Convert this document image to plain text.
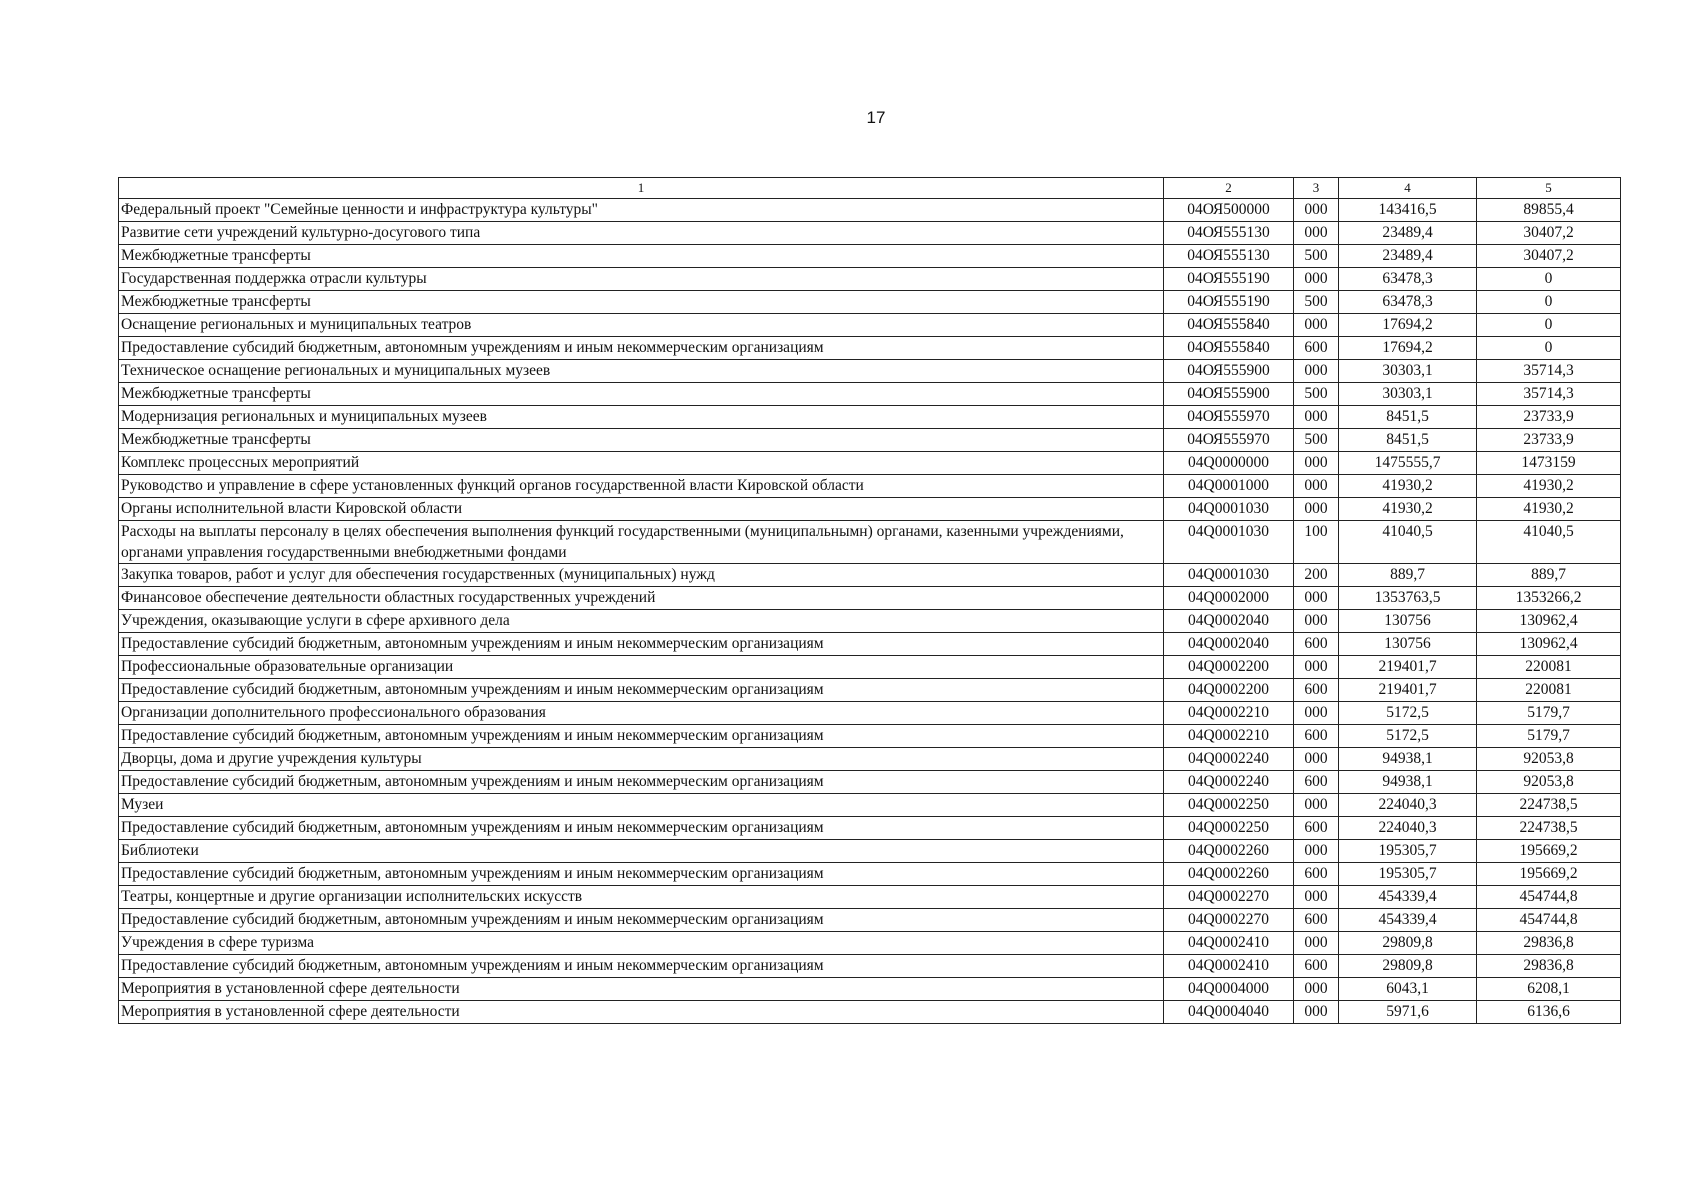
17
1	2	3	4	5
Федеральный проект "Семейные ценности и инфраструктура культуры"	04ОЯ500000	000	143416,5	89855,4
Развитие сети учреждений культурно-досугового типа	04ОЯ555130	000	23489,4	30407,2
Межбюджетные трансферты	04ОЯ555130	500	23489,4	30407,2
Государственная поддержка отрасли культуры	04ОЯ555190	000	63478,3	0
Межбюджетные трансферты	04ОЯ555190	500	63478,3	0
Оснащение региональных и муниципальных театров	04ОЯ555840	000	17694,2	0
Предоставление субсидий бюджетным, автономным учреждениям и иным некоммерческим организациям	04ОЯ555840	600	17694,2	0
Техническое оснащение региональных и муниципальных музеев	04ОЯ555900	000	30303,1	35714,3
Межбюджетные трансферты	04ОЯ555900	500	30303,1	35714,3
Модернизация региональных и муниципальных музеев	04ОЯ555970	000	8451,5	23733,9
Межбюджетные трансферты	04ОЯ555970	500	8451,5	23733,9
Комплекс процессных мероприятий	04Q0000000	000	1475555,7	1473159
Руководство и управление в сфере установленных функций органов государственной власти Кировской области	04Q0001000	000	41930,2	41930,2
Органы исполнительной власти Кировской области	04Q0001030	000	41930,2	41930,2
Расходы на выплаты персоналу в целях обеспечения выполнения функций государственными (муниципальнымн) органами, казенными учреждениями, органами управления государственными внебюджетными фондами	04Q0001030	100	41040,5	41040,5
Закупка товаров, работ и услуг для обеспечения государственных (муниципальных) нужд	04Q0001030	200	889,7	889,7
Финансовое обеспечение деятельности областных государственных учреждений	04Q0002000	000	1353763,5	1353266,2
Учреждения, оказывающие услуги в сфере архивного дела	04Q0002040	000	130756	130962,4
Предоставление субсидий бюджетным, автономным учреждениям и иным некоммерческим организациям	04Q0002040	600	130756	130962,4
Профессиональные образовательные организации	04Q0002200	000	219401,7	220081
Предоставление субсидий бюджетным, автономным учреждениям и иным некоммерческим организациям	04Q0002200	600	219401,7	220081
Организации дополнительного профессионального образования	04Q0002210	000	5172,5	5179,7
Предоставление субсидий бюджетным, автономным учреждениям и иным некоммерческим организациям	04Q0002210	600	5172,5	5179,7
Дворцы, дома и другие учреждения культуры	04Q0002240	000	94938,1	92053,8
Предоставление субсидий бюджетным, автономным учреждениям и иным некоммерческим организациям	04Q0002240	600	94938,1	92053,8
Музеи	04Q0002250	000	224040,3	224738,5
Предоставление субсидий бюджетным, автономным учреждениям и иным некоммерческим организациям	04Q0002250	600	224040,3	224738,5
Библиотеки	04Q0002260	000	195305,7	195669,2
Предоставление субсидий бюджетным, автономным учреждениям и иным некоммерческим организациям	04Q0002260	600	195305,7	195669,2
Театры, концертные и другие организации исполнительских искусств	04Q0002270	000	454339,4	454744,8
Предоставление субсидий бюджетным, автономным учреждениям и иным некоммерческим организациям	04Q0002270	600	454339,4	454744,8
Учреждения в сфере туризма	04Q0002410	000	29809,8	29836,8
Предоставление субсидий бюджетным, автономным учреждениям и иным некоммерческим организациям	04Q0002410	600	29809,8	29836,8
Мероприятия в установленной сфере деятельности	04Q0004000	000	6043,1	6208,1
Мероприятия в установленной сфере деятельности	04Q0004040	000	5971,6	6136,6
